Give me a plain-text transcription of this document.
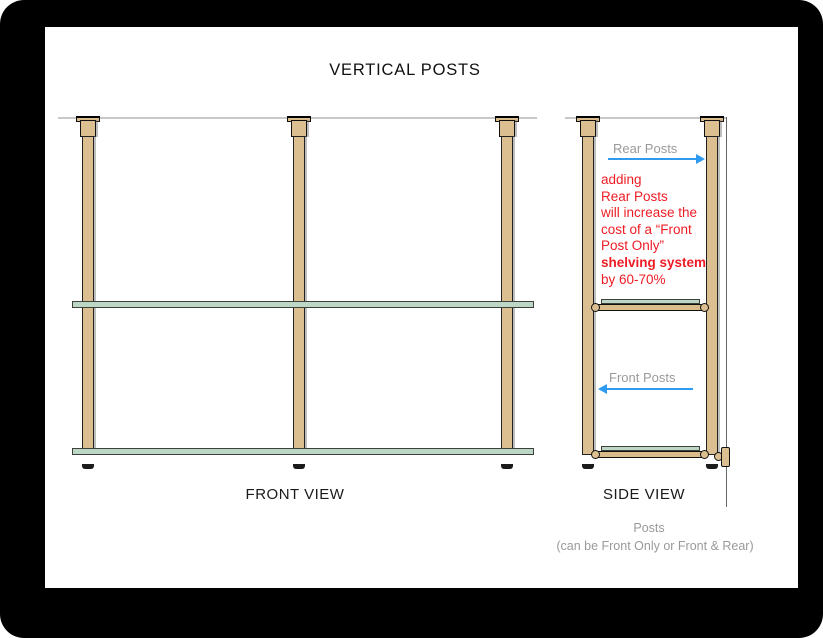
VERTICAL POSTS
FRONT VIEW	SIDE VIEW
Rear Posts
Front Posts
adding
Rear Posts
will increase the
cost of a “Front
Post Only”
shelving system
by 60-70%
Posts
(can be Front Only or Front & Rear)
